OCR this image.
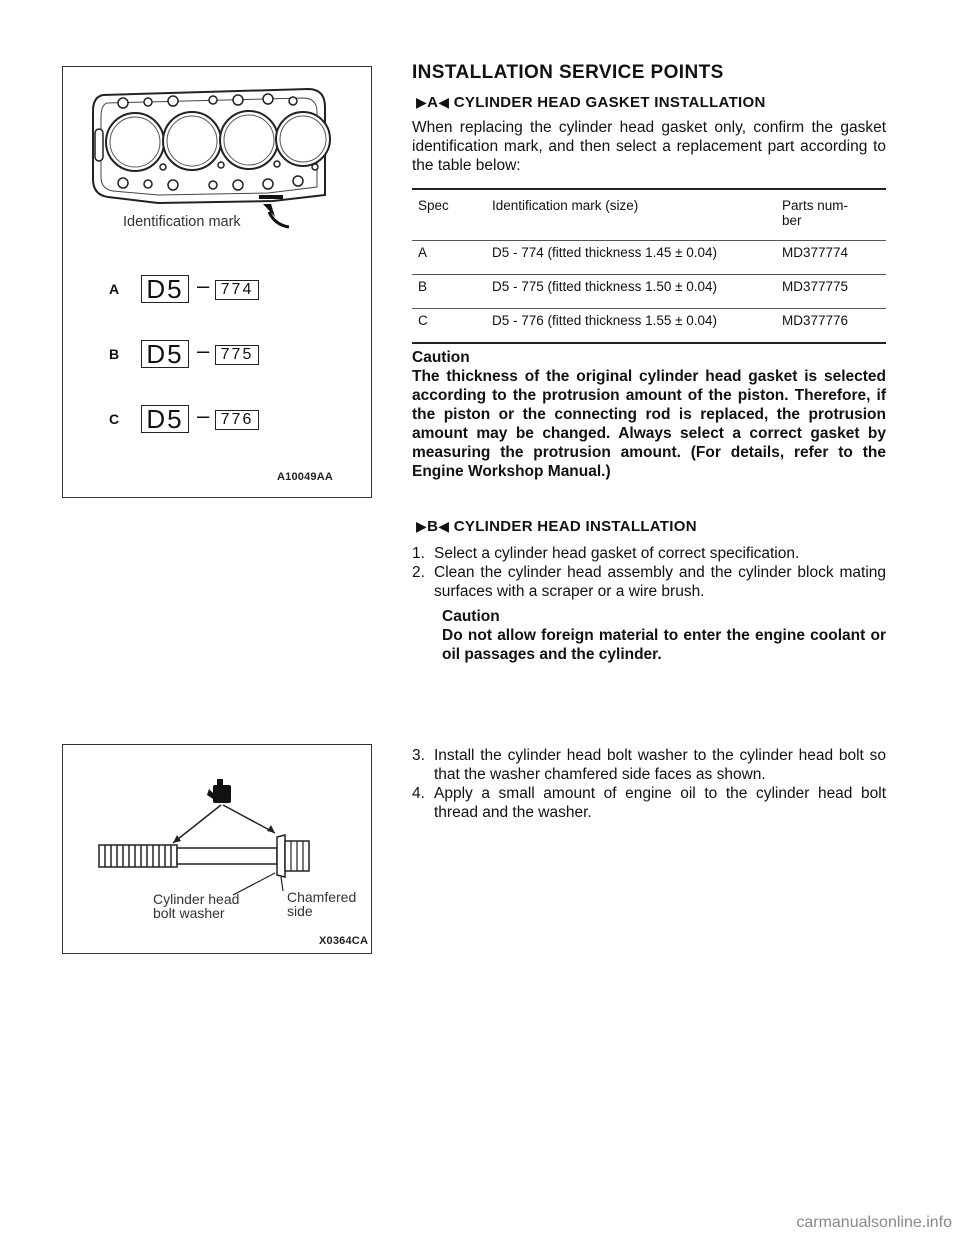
Identification mark
A D5 – 774
B D5 – 775
C D5 – 776
A10049AA
Cylinder head
bolt washer
Chamfered
side
X0364CA
INSTALLATION SERVICE POINTS
▶A◀ CYLINDER HEAD GASKET INSTALLATION

When replacing the cylinder head gasket only, confirm the gasket identification mark, and then select a replacement part according to the table below:

Spec	Identification mark (size)	Parts num-
ber
A	D5 - 774 (fitted thickness 1.45 ± 0.04)	MD377774
B	D5 - 775 (fitted thickness 1.50 ± 0.04)	MD377775
C	D5 - 776 (fitted thickness 1.55 ± 0.04)	MD377776

Caution

The thickness of the original cylinder head gasket is selected according to the protrusion amount of the piston. Therefore, if the piston or the connecting rod is replaced, the protrusion amount may be changed. Always select a correct gasket by measuring the protrusion amount. (For details, refer to the Engine Workshop Manual.)

▶B◀ CYLINDER HEAD INSTALLATION
1. Select a cylinder head gasket of correct specification.
2. Clean the cylinder head assembly and the cylinder block mating surfaces with a scraper or a wire brush.

Caution

Do not allow foreign material to enter the engine coolant or oil passages and the cylinder.

3. Install the cylinder head bolt washer to the cylinder head bolt so that the washer chamfered side faces as shown.
4. Apply a small amount of engine oil to the cylinder head bolt thread and the washer.
carmanualsonline.info
